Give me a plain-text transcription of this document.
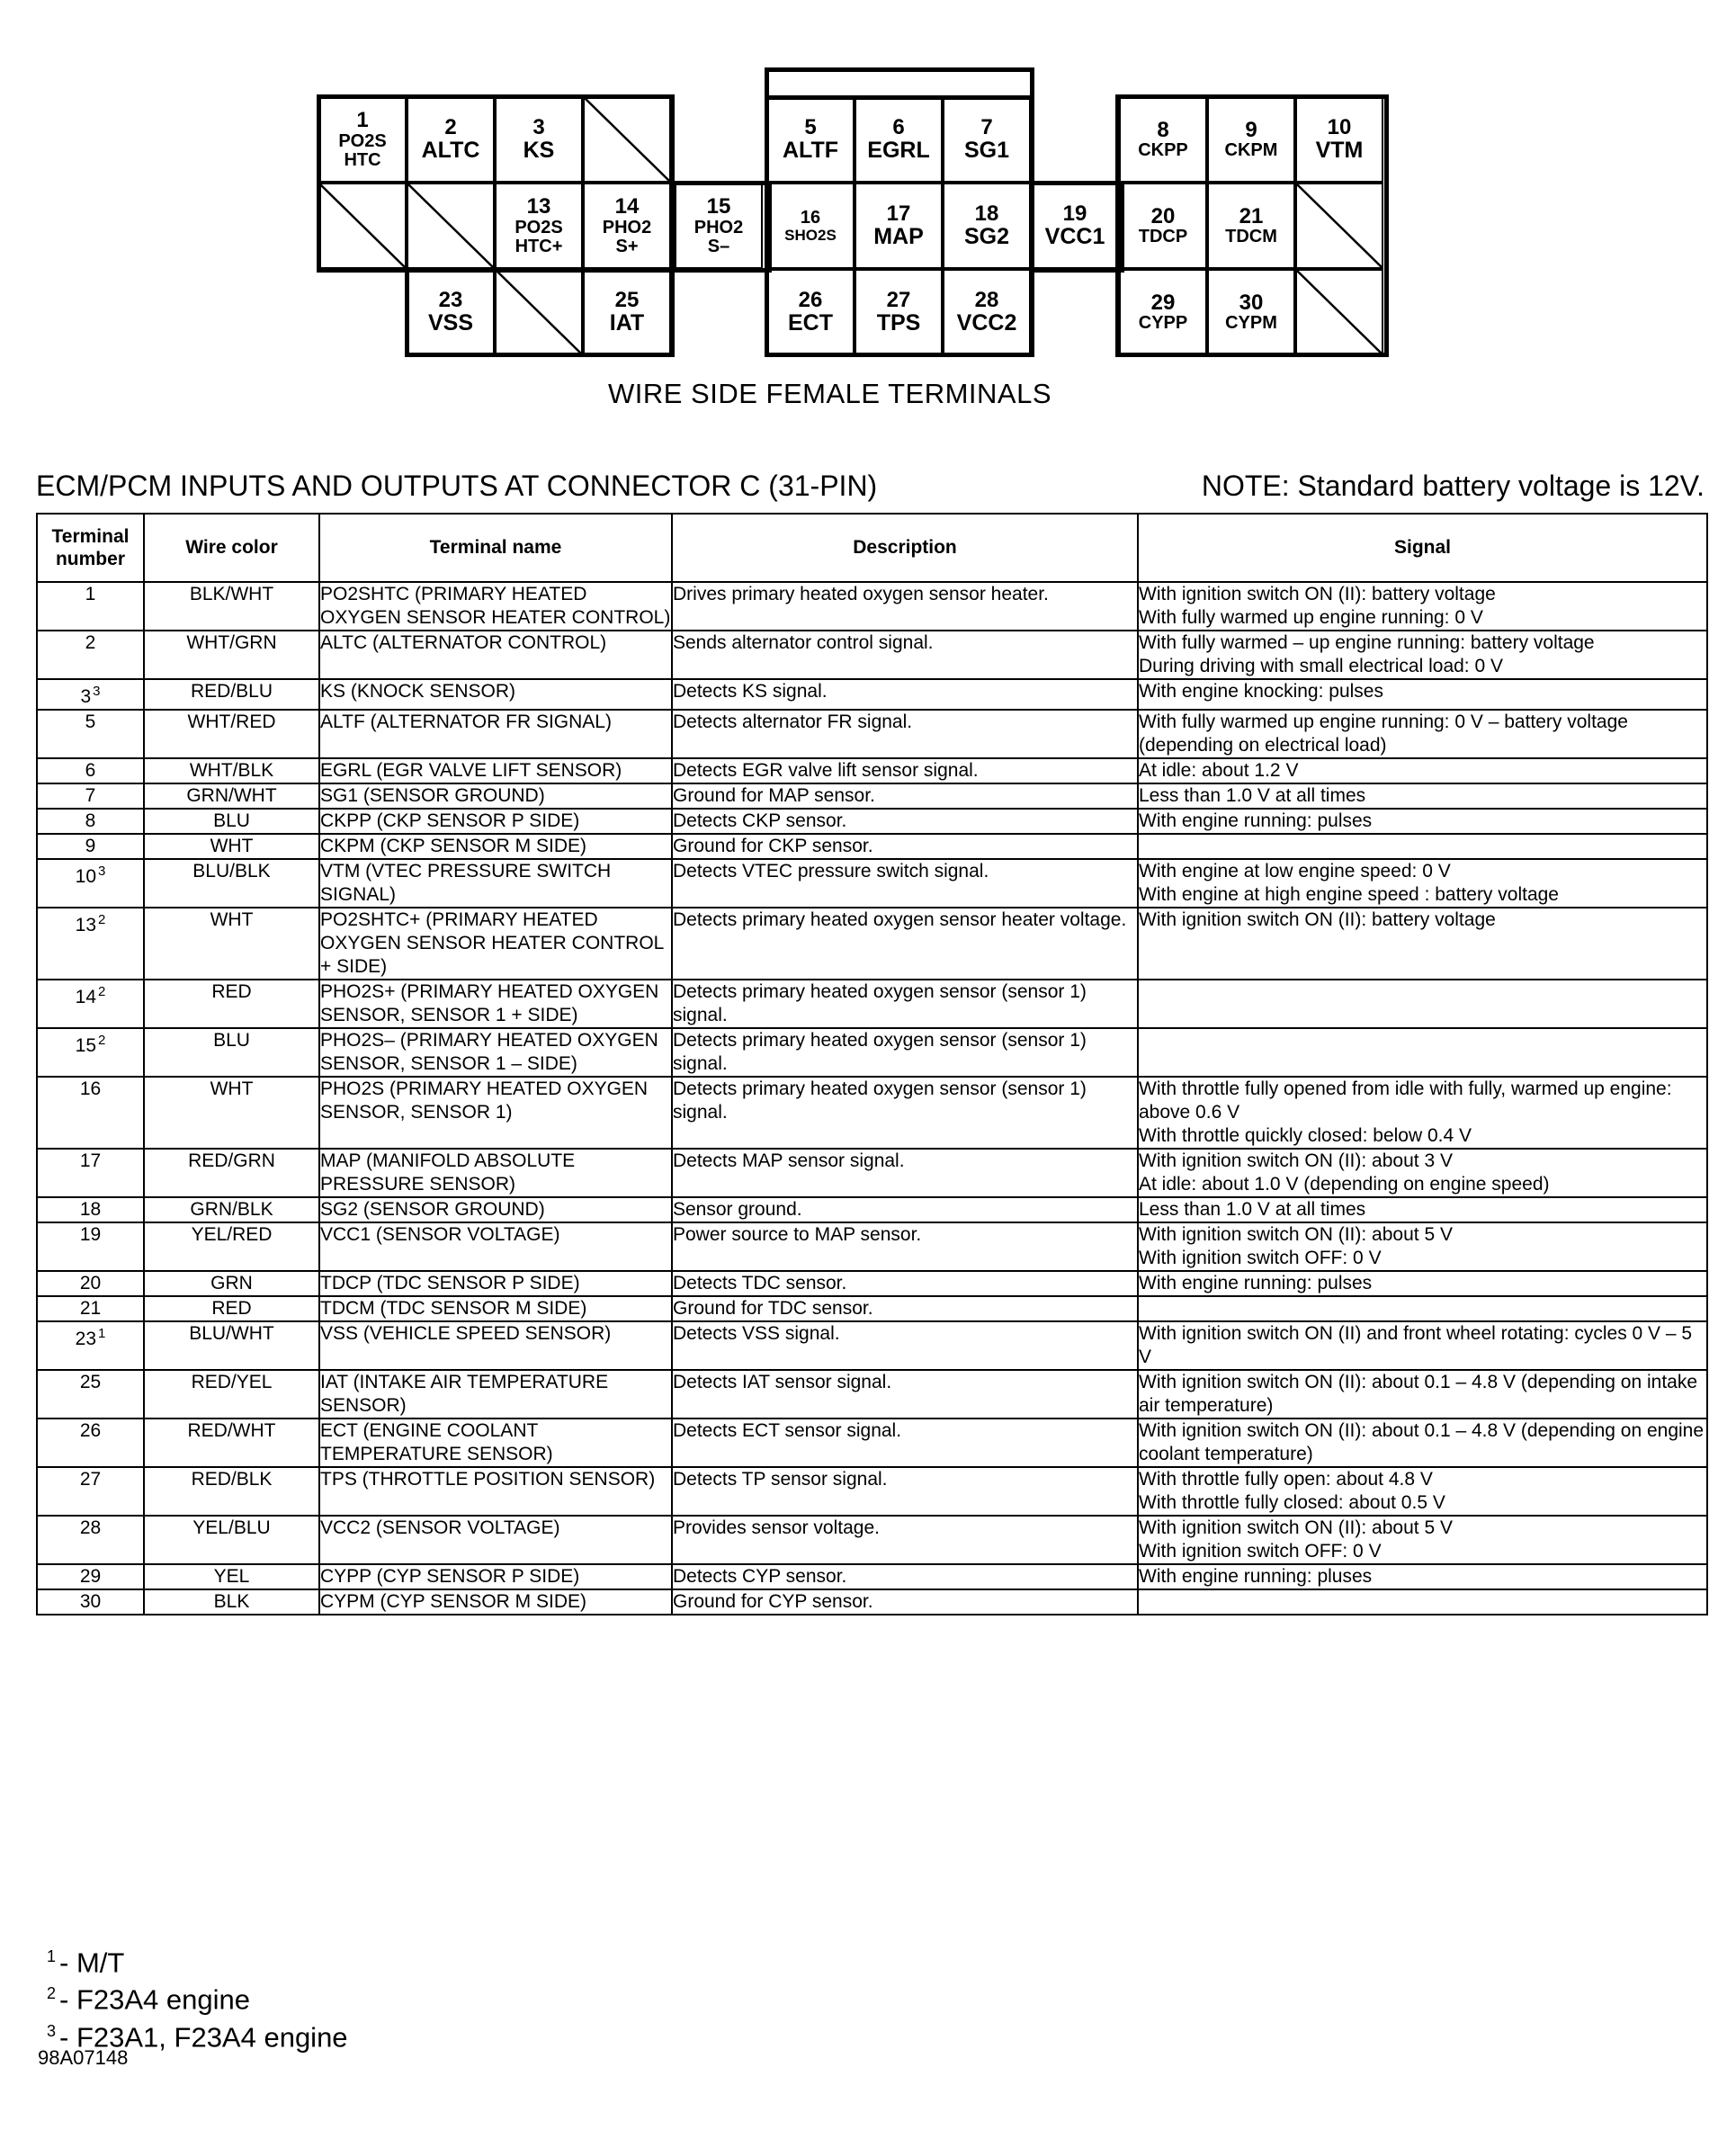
1
PO2S HTC
2
ALTC
3
KS
5
ALTF
6
EGRL
7
SG1
8
CKPP
9
CKPM
10
VTM
13
PO2S HTC+
14
PHO2 S+
15
PHO2 S–
16
SHO2S
17
MAP
18
SG2
19
VCC1
20
TDCP
21
TDCM
23
VSS
25
IAT
26
ECT
27
TPS
28
VCC2
29
CYPP
30
CYPM
WIRE SIDE FEMALE TERMINALS
ECM/PCM INPUTS AND OUTPUTS AT CONNECTOR C (31-PIN)	NOTE: Standard battery voltage is 12V.
Terminal number	Wire color	Terminal name	Description	Signal
1	BLK/WHT	PO2SHTC (PRIMARY HEATED OXYGEN SENSOR HEATER CONTROL)	Drives primary heated oxygen sensor heater.	With ignition switch ON (II): battery voltage
With fully warmed up engine running: 0 V

2	WHT/GRN	ALTC (ALTERNATOR CONTROL)	Sends alternator control signal.	With fully warmed – up engine running: battery voltage
During driving with small electrical load: 0 V

3 $^3$	RED/BLU	KS (KNOCK SENSOR)	Detects KS signal.	With engine knocking: pulses

5	WHT/RED	ALTF (ALTERNATOR FR SIGNAL)	Detects alternator FR signal.	With fully warmed up engine running: 0 V – battery voltage (depending on electrical load)

6	WHT/BLK	EGRL (EGR VALVE LIFT SENSOR)	Detects EGR valve lift sensor signal.	At idle: about 1.2 V

7	GRN/WHT	SG1 (SENSOR GROUND)	Ground for MAP sensor.	Less than 1.0 V at all times

8	BLU	CKPP (CKP SENSOR P SIDE)	Detects CKP sensor.	With engine running: pulses

9	WHT	CKPM (CKP SENSOR M SIDE)	Ground for CKP sensor.	
10 $^3$	BLU/BLK	VTM (VTEC PRESSURE SWITCH SIGNAL)	Detects VTEC pressure switch signal.	With engine at low engine speed: 0 V
With engine at high engine speed : battery voltage

13 $^2$	WHT	PO2SHTC+ (PRIMARY HEATED OXYGEN SENSOR HEATER CONTROL + SIDE)	Detects primary heated oxygen sensor heater voltage.	With ignition switch ON (II): battery voltage

14 $^2$	RED	PHO2S+ (PRIMARY HEATED OXYGEN SENSOR, SENSOR 1 + SIDE)	Detects primary heated oxygen sensor (sensor 1) signal.	
15 $^2$	BLU	PHO2S– (PRIMARY HEATED OXYGEN SENSOR, SENSOR 1 – SIDE)	Detects primary heated oxygen sensor (sensor 1) signal.	
16	WHT	PHO2S (PRIMARY HEATED OXYGEN SENSOR, SENSOR 1)	Detects primary heated oxygen sensor (sensor 1) signal.	With throttle fully opened from idle with fully, warmed up engine: above 0.6 V
With throttle quickly closed: below 0.4 V

17	RED/GRN	MAP (MANIFOLD ABSOLUTE PRESSURE SENSOR)	Detects MAP sensor signal.	With ignition switch ON (II): about 3 V
At idle: about 1.0 V (depending on engine speed)

18	GRN/BLK	SG2 (SENSOR GROUND)	Sensor ground.	Less than 1.0 V at all times

19	YEL/RED	VCC1 (SENSOR VOLTAGE)	Power source to MAP sensor.	With ignition switch ON (II): about 5 V
With ignition switch OFF: 0 V

20	GRN	TDCP (TDC SENSOR P SIDE)	Detects TDC sensor.	With engine running: pulses

21	RED	TDCM (TDC SENSOR M SIDE)	Ground for TDC sensor.	
23 $^1$	BLU/WHT	VSS (VEHICLE SPEED SENSOR)	Detects VSS signal.	With ignition switch ON (II) and front wheel rotating: cycles 0 V – 5 V

25	RED/YEL	IAT (INTAKE AIR TEMPERATURE SENSOR)	Detects IAT sensor signal.	With ignition switch ON (II): about 0.1 – 4.8 V (depending on intake air temperature)

26	RED/WHT	ECT (ENGINE COOLANT TEMPERATURE SENSOR)	Detects ECT sensor signal.	With ignition switch ON (II): about 0.1 – 4.8 V (depending on engine coolant temperature)

27	RED/BLK	TPS (THROTTLE POSITION SENSOR)	Detects TP sensor signal.	With throttle fully open: about 4.8 V
With throttle fully closed: about 0.5 V

28	YEL/BLU	VCC2 (SENSOR VOLTAGE)	Provides sensor voltage.	With ignition switch ON (II): about 5 V
With ignition switch OFF: 0 V

29	YEL	CYPP (CYP SENSOR P SIDE)	Detects CYP sensor.	With engine running: pluses

30	BLK	CYPM (CYP SENSOR M SIDE)	Ground for CYP sensor.	
$^1$ - M/T
$^2$ - F23A4 engine
$^3$ - F23A1, F23A4 engine
98A07148
